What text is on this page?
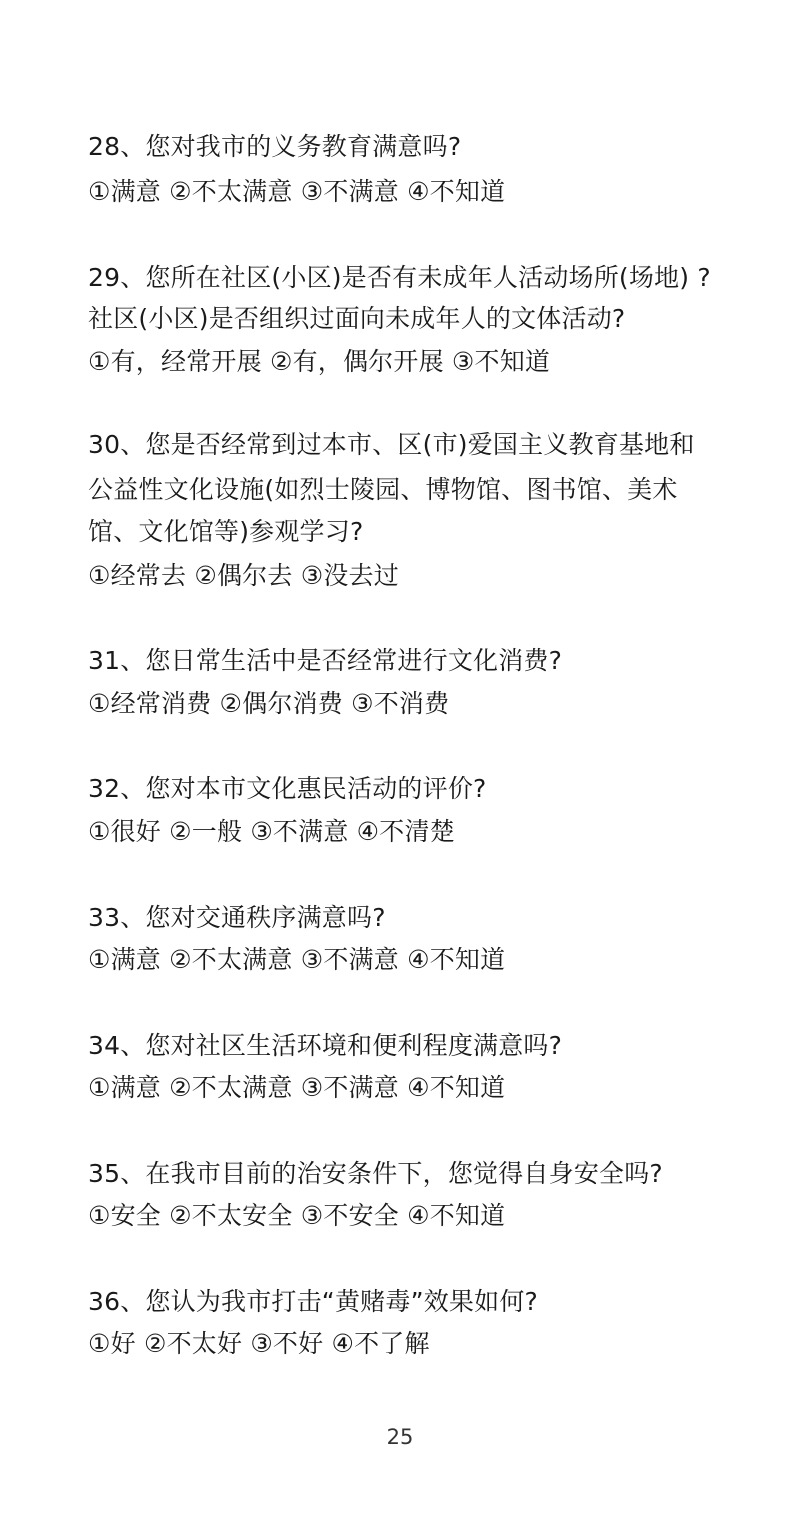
28、您对我市的义务教育满意吗?
①满意 ②不太满意 ③不满意 ④不知道
29、您所在社区(小区)是否有未成年人活动场所(场地) ?
社区(小区)是否组织过面向未成年人的文体活动?
①有，经常开展 ②有，偶尔开展 ③不知道
30、您是否经常到过本市、区(市)爱国主义教育基地和
公益性文化设施(如烈士陵园、博物馆、图书馆、美术
馆、文化馆等)参观学习?
①经常去 ②偶尔去 ③没去过
31、您日常生活中是否经常进行文化消费?
①经常消费 ②偶尔消费 ③不消费
32、您对本市文化惠民活动的评价?
①很好 ②一般 ③不满意 ④不清楚
33、您对交通秩序满意吗?
①满意 ②不太满意 ③不满意 ④不知道
34、您对社区生活环境和便利程度满意吗?
①满意 ②不太满意 ③不满意 ④不知道
35、在我市目前的治安条件下，您觉得自身安全吗?
①安全 ②不太安全 ③不安全 ④不知道
36、您认为我市打击“黄赌毒”效果如何?
①好 ②不太好 ③不好 ④不了解
25
